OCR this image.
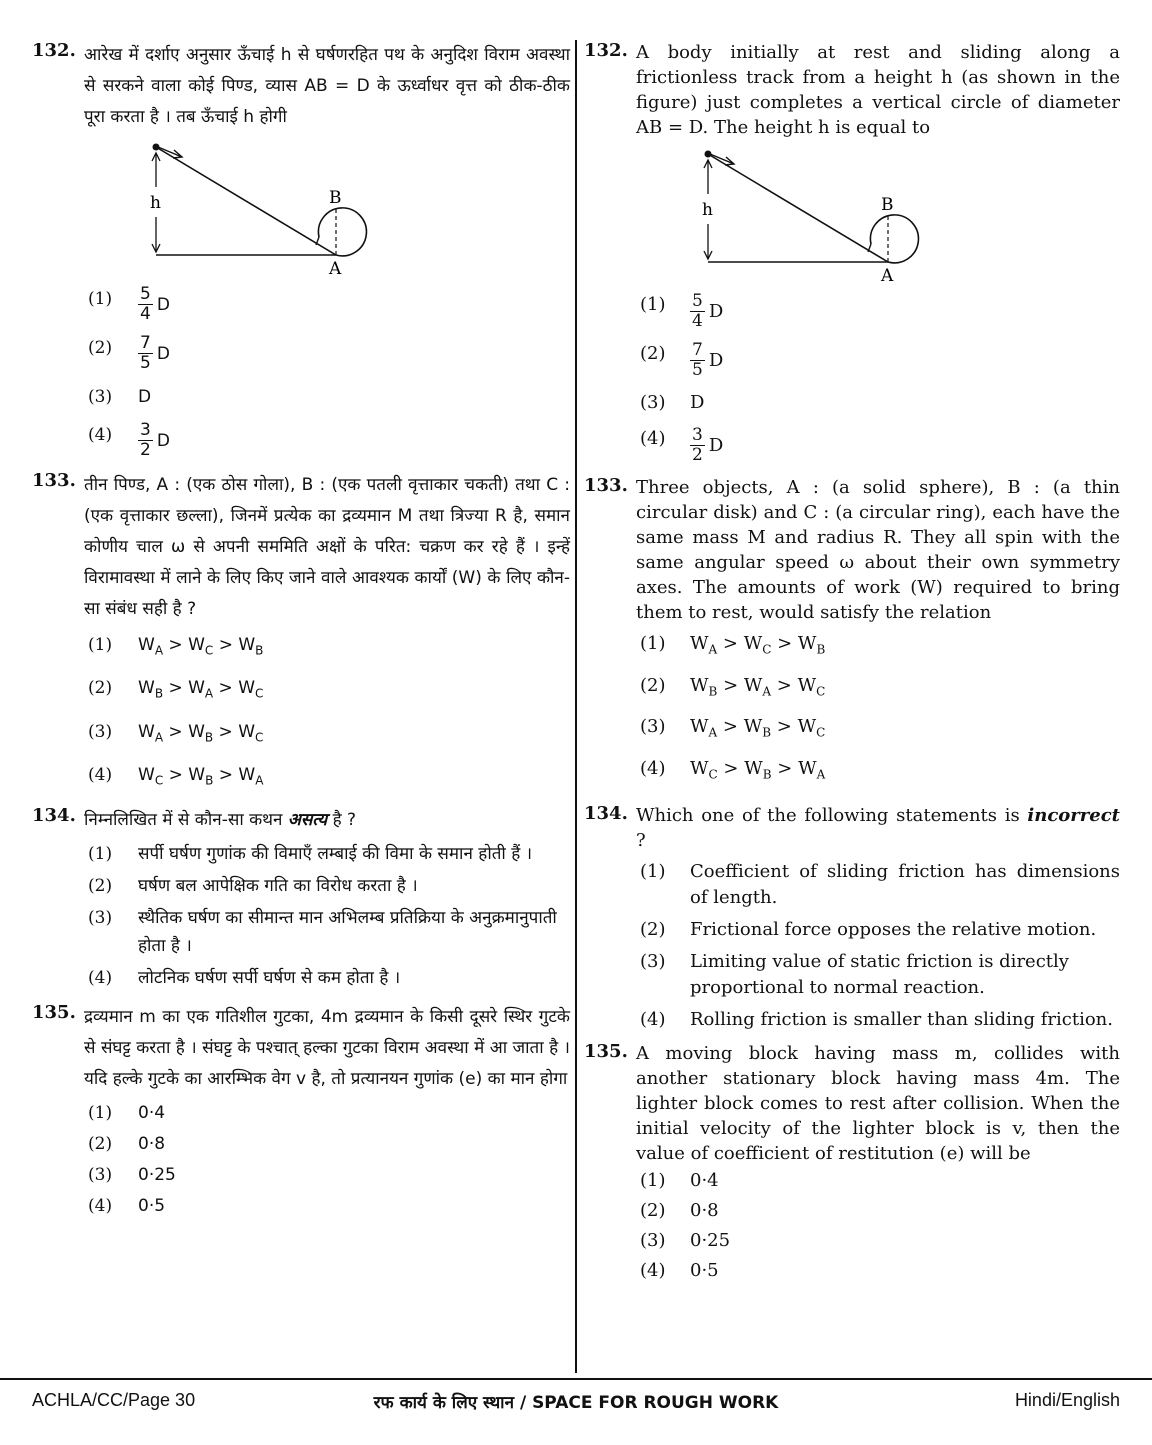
132. आरेख में दर्शाए अनुसार ऊँचाई h से घर्षणरहित पथ के अनुदिश विराम अवस्था से सरकने वाला कोई पिण्ड, व्यास AB = D के ऊर्ध्वाधर वृत्त को ठीक-ठीक पूरा करता है । तब ऊँचाई h होगी
h	B
A
$(1) \frac{5}{4}$ D
$(2) \frac{7}{5}$ D
(3) D
$(4) \frac{3}{2}$ D
133. तीन पिण्ड, A : (एक ठोस गोला), B : (एक पतली वृत्ताकार चकती) तथा C : (एक वृत्ताकार छल्ला), जिनमें प्रत्येक का द्रव्यमान M तथा त्रिज्या R है, समान कोणीय चाल ω से अपनी सममिति अक्षों के परित: चक्रण कर रहे हैं । इन्हें विरामावस्था में लाने के लिए किए जाने वाले आवश्यक कार्यों (W) के लिए कौन-सा संबंध सही है ?
(1) $W_A > W_C > W_B$
(2) $W_B > W_A > W_C$
(3) $W_A > W_B > W_C$
(4) $W_C > W_B > W_A$
134. निम्नलिखित में से कौन-सा कथन असत्य है ?
(1) सर्पी घर्षण गुणांक की विमाएँ लम्बाई की विमा के समान होती हैं ।
(2) घर्षण बल आपेक्षिक गति का विरोध करता है ।
(3) स्थैतिक घर्षण का सीमान्त मान अभिलम्ब प्रतिक्रिया के अनुक्रमानुपाती होता है ।
(4) लोटनिक घर्षण सर्पी घर्षण से कम होता है ।
135. द्रव्यमान m का एक गतिशील गुटका, 4m द्रव्यमान के किसी दूसरे स्थिर गुटके से संघट्ट करता है । संघट्ट के पश्चात् हल्का गुटका विराम अवस्था में आ जाता है । यदि हल्के गुटके का आरम्भिक वेग v है, तो प्रत्यानयन गुणांक (e) का मान होगा
(1) 0·4
(2) 0·8
(3) 0·25
(4) 0·5
132. A body initially at rest and sliding along a frictionless track from a height h (as shown in the figure) just completes a vertical circle of diameter AB = D. The height h is equal to
h	B
A
$(1) \frac{5}{4}$ D
$(2) \frac{7}{5}$ D
(3) D
$(4) \frac{3}{2}$ D
133. Three objects, A : (a solid sphere), B : (a thin circular disk) and C : (a circular ring), each have the same mass M and radius R. They all spin with the same angular speed ω about their own symmetry axes. The amounts of work (W) required to bring them to rest, would satisfy the relation
(1) $W_A > W_C > W_B$
(2) $W_B > W_A > W_C$
(3) $W_A > W_B > W_C$
(4) $W_C > W_B > W_A$
134. Which one of the following statements is incorrect ?
(1) Coefficient of sliding friction has dimensions of length.
(2) Frictional force opposes the relative motion.
(3) Limiting value of static friction is directly proportional to normal reaction.
(4) Rolling friction is smaller than sliding friction.
135. A moving block having mass m, collides with another stationary block having mass 4m. The lighter block comes to rest after collision. When the initial velocity of the lighter block is v, then the value of coefficient of restitution (e) will be
(1) 0·4
(2) 0·8
(3) 0·25
(4) 0·5
ACHLA/CC/Page 30	रफ कार्य के लिए स्थान / SPACE FOR ROUGH WORK	Hindi/English
